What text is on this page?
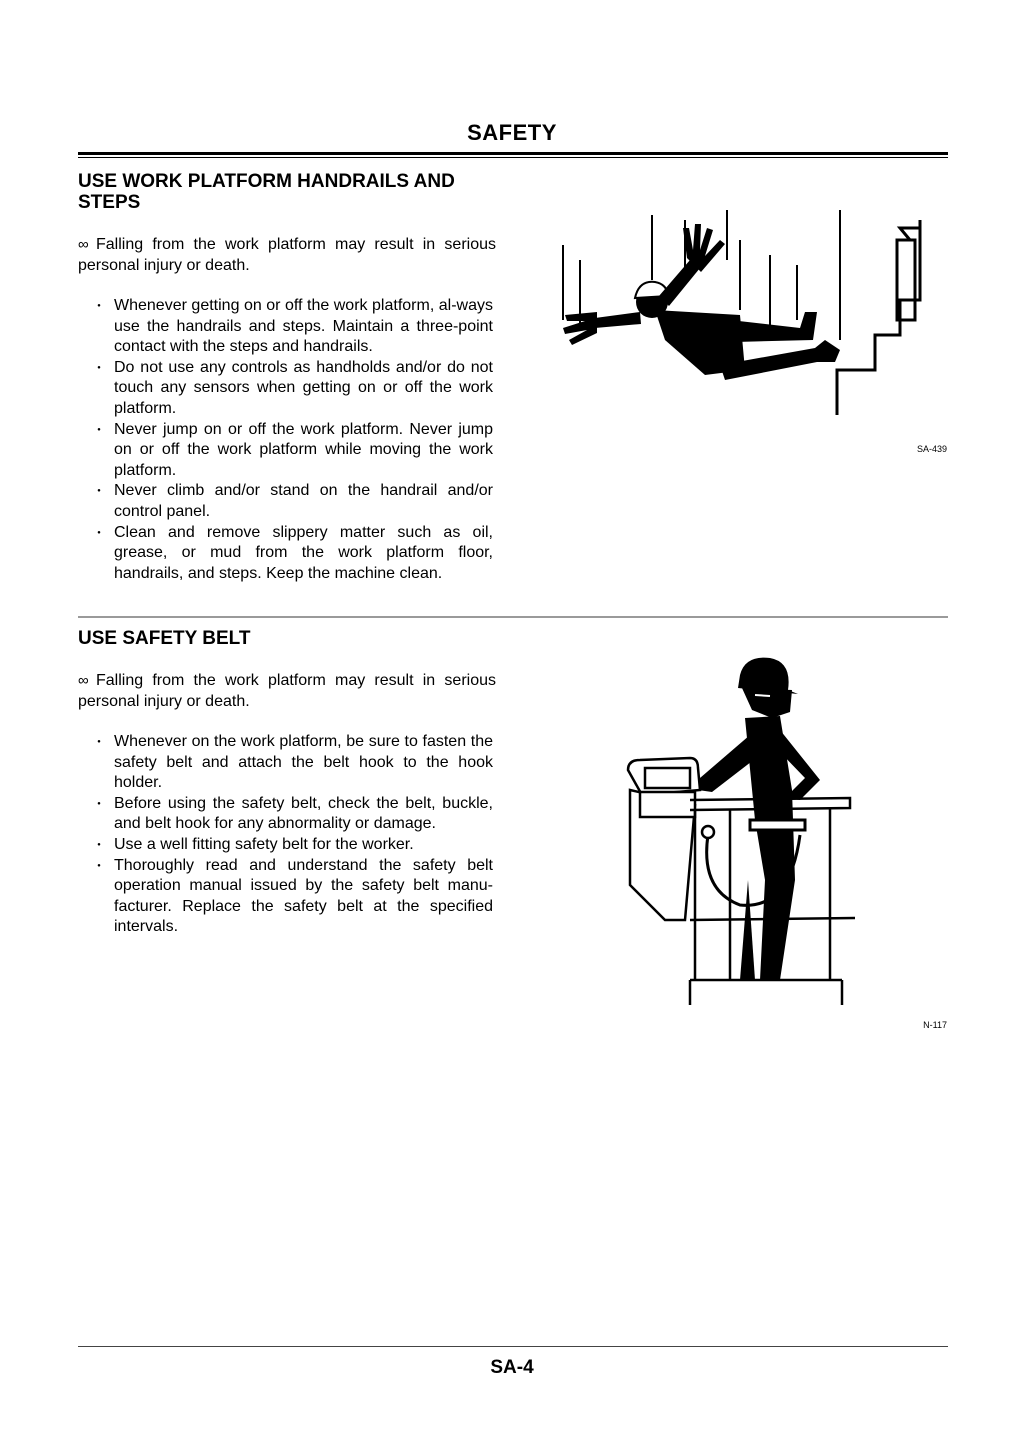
SAFETY
USE WORK PLATFORM HANDRAILS AND STEPS
∞ Falling from the work platform may result in serious personal injury or death.
・ Whenever getting on or off the work platform, al-ways use the handrails and steps. Maintain a three-point contact with the steps and handrails.
・ Do not use any controls as handholds and/or do not touch any sensors when getting on or off the work platform.
・ Never jump on or off the work platform. Never jump on or off the work platform while moving the work platform.
・ Never climb and/or stand on the handrail and/or control panel.
・ Clean and remove slippery matter such as oil, grease, or mud from the work platform floor, handrails, and steps. Keep the machine clean.
SA-439
USE SAFETY BELT
∞ Falling from the work platform may result in serious personal injury or death.
・ Whenever on the work platform, be sure to fasten the safety belt and attach the belt hook to the hook holder.
・ Before using the safety belt, check the belt, buckle, and belt hook for any abnormality or damage.
・ Use a well fitting safety belt for the worker.
・ Thoroughly read and understand the safety belt operation manual issued by the safety belt manu-facturer. Replace the safety belt at the specified intervals.
N-117
SA-4
